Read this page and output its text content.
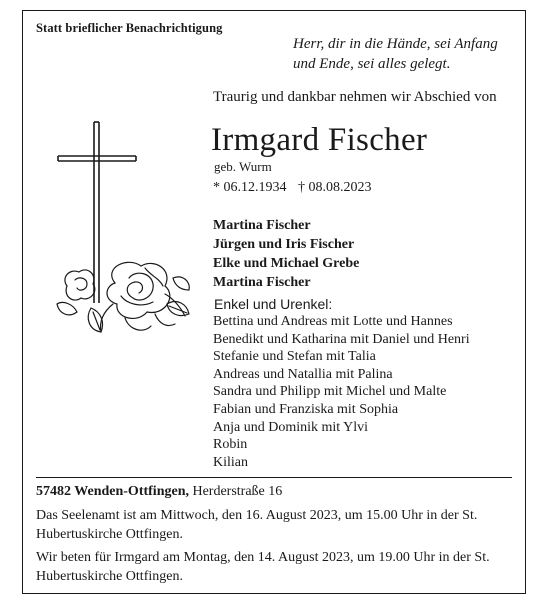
Statt brieflicher Benachrichtigung
Herr, dir in die Hände, sei Anfang
und Ende, sei alles gelegt.
Traurig und dankbar nehmen wir Abschied von
Irmgard Fischer
geb. Wurm
* 06.12.1934 † 08.08.2023
Martina Fischer
Jürgen und Iris Fischer
Elke und Michael Grebe
Martina Fischer
Enkel und Urenkel:
Bettina und Andreas mit Lotte und Hannes
Benedikt und Katharina mit Daniel und Henri
Stefanie und Stefan mit Talia
Andreas und Natallia mit Palina
Sandra und Philipp mit Michel und Malte
Fabian und Franziska mit Sophia
Anja und Dominik mit Ylvi
Robin
Kilian
57482 Wenden-Ottfingen, Herderstraße 16
Das Seelenamt ist am Mittwoch, den 16. August 2023, um 15.00 Uhr in der St. Hubertuskirche Ottfingen.
Wir beten für Irmgard am Montag, den 14. August 2023, um 19.00 Uhr in der St. Hubertuskirche Ottfingen.
